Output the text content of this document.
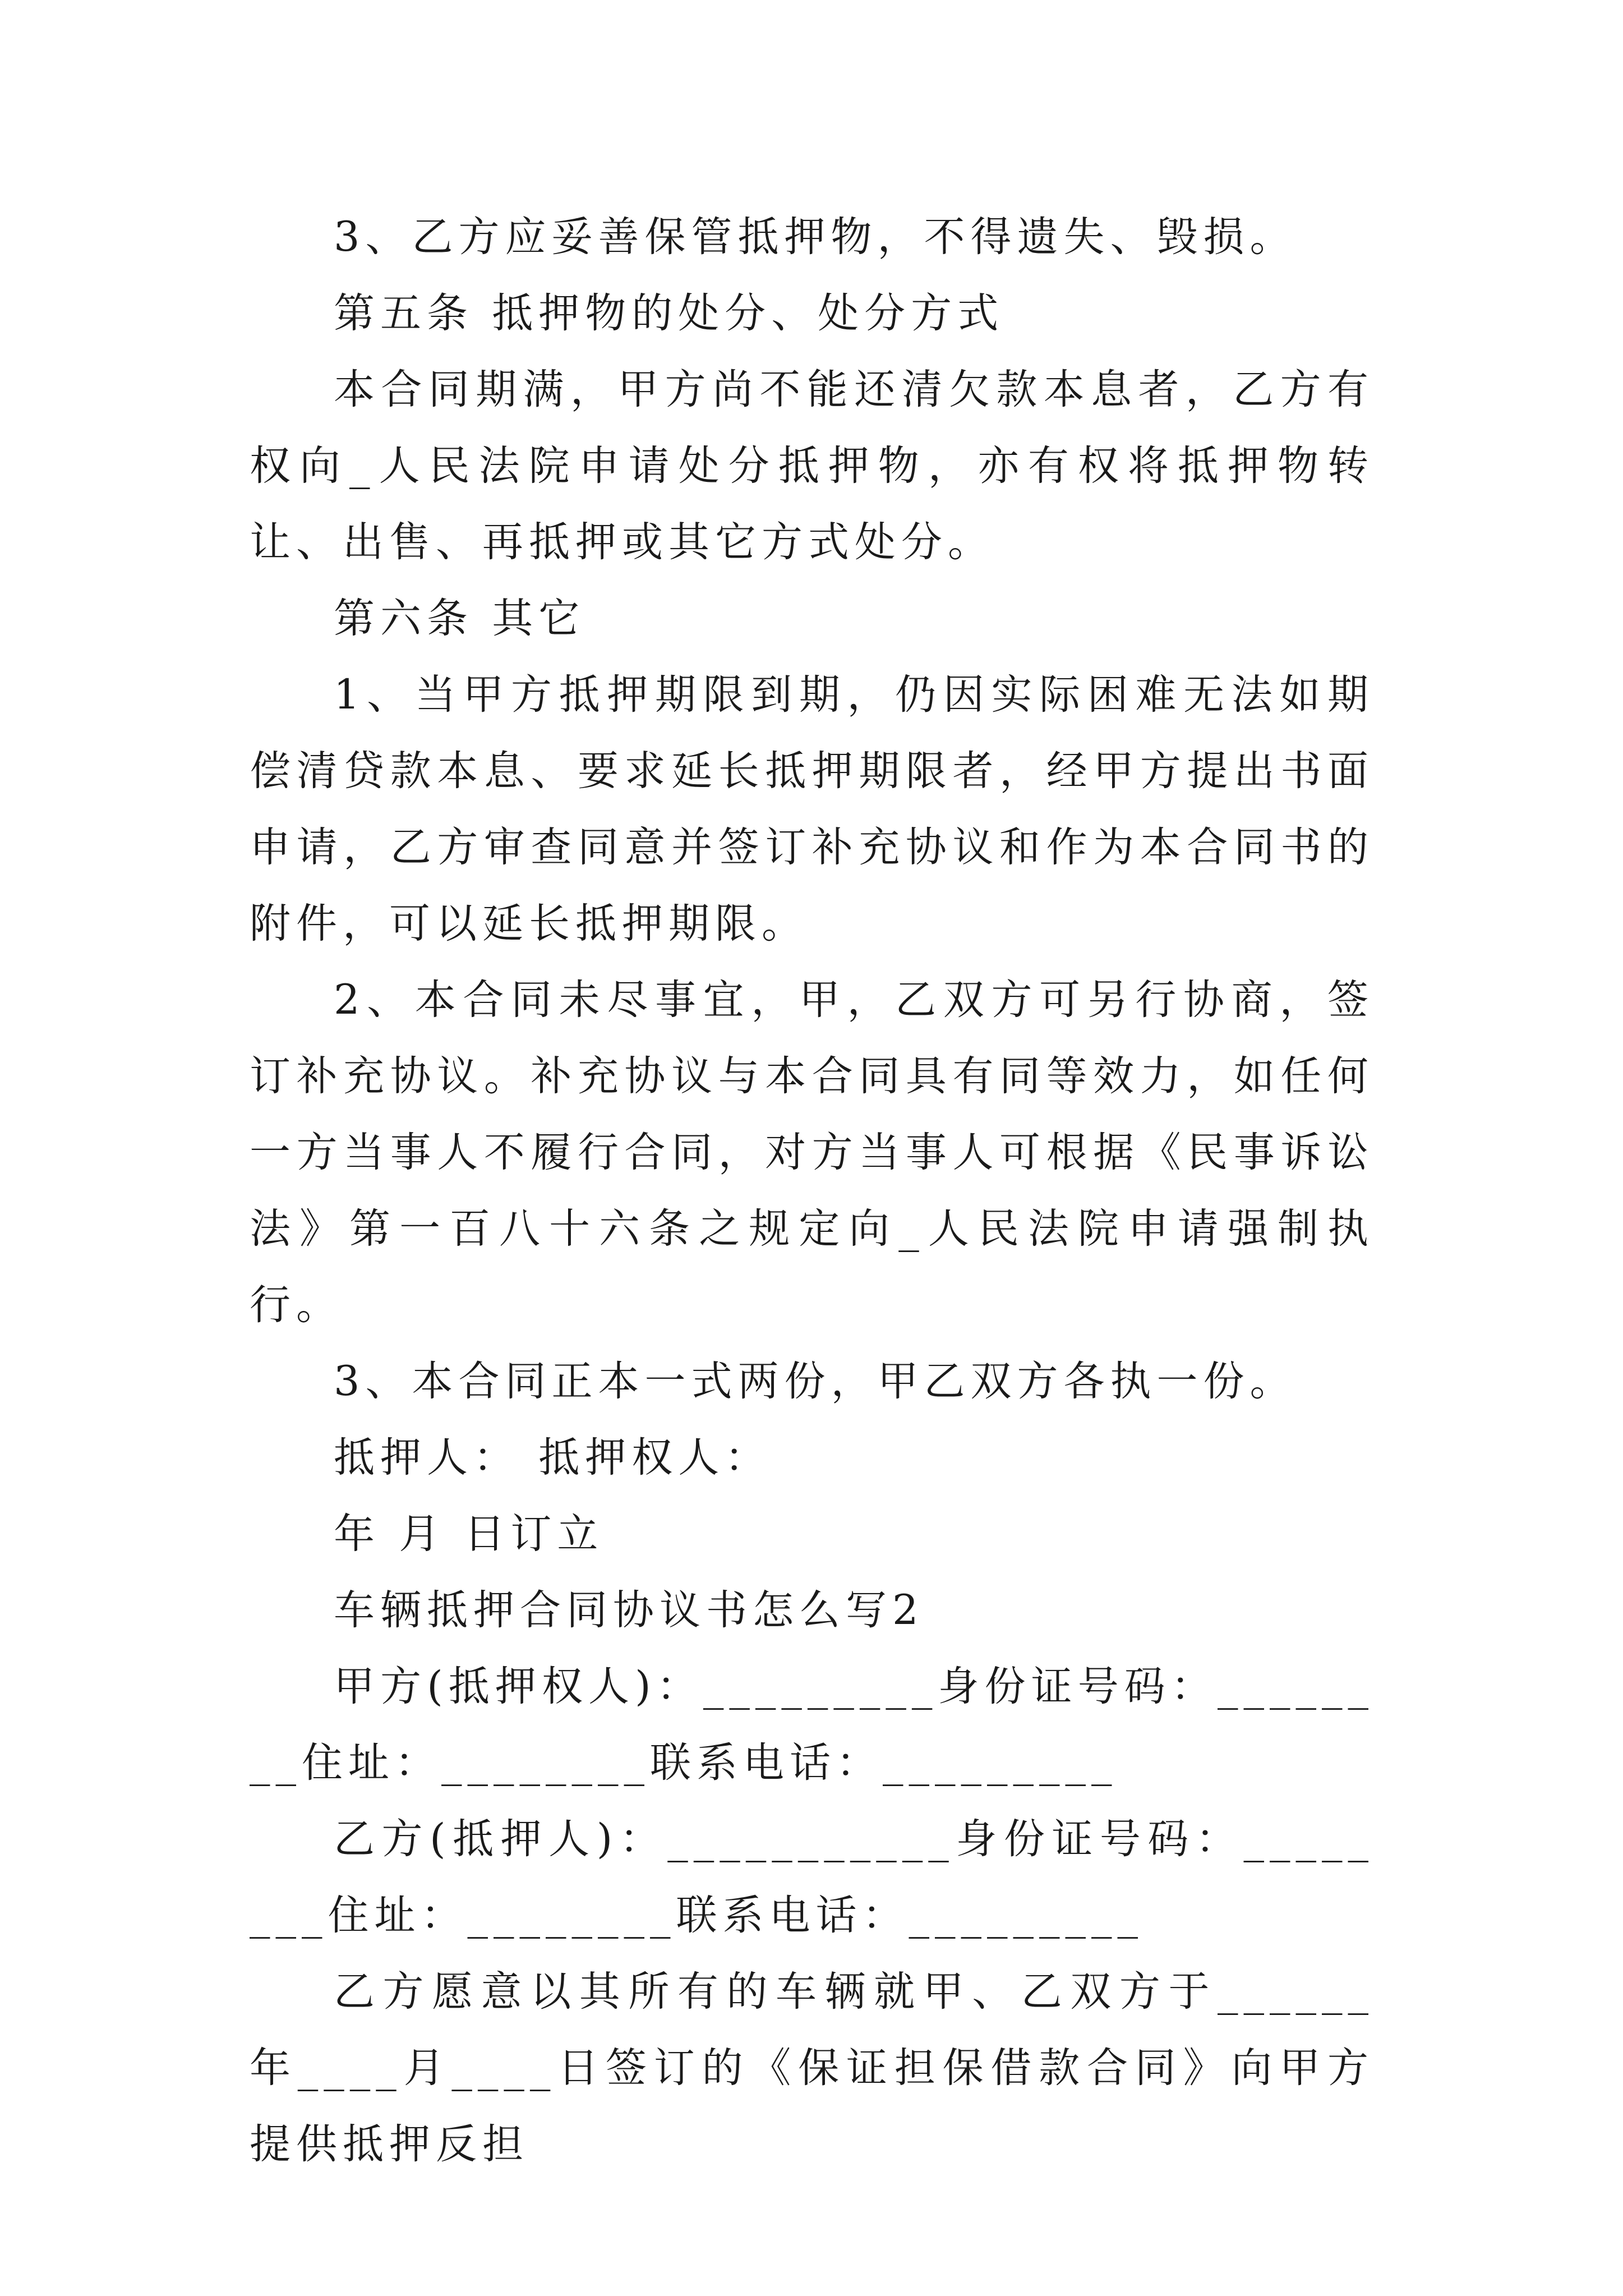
3、乙方应妥善保管抵押物，不得遗失、毁损。

第五条 抵押物的处分、处分方式

本合同期满，甲方尚不能还清欠款本息者，乙方有权向_人民法院申请处分抵押物，亦有权将抵押物转让、出售、再抵押或其它方式处分。

第六条 其它

1、当甲方抵押期限到期，仍因实际困难无法如期偿清贷款本息、要求延长抵押期限者，经甲方提出书面申请，乙方审查同意并签订补充协议和作为本合同书的附件，可以延长抵押期限。

2、本合同未尽事宜，甲，乙双方可另行协商，签订补充协议。补充协议与本合同具有同等效力，如任何一方当事人不履行合同，对方当事人可根据《民事诉讼法》第一百八十六条之规定向_人民法院申请强制执行。

3、本合同正本一式两份，甲乙双方各执一份。

抵押人： 抵押权人：

年 月 日订立

车辆抵押合同协议书怎么写2

甲方(抵押权人)：_________身份证号码：________住址：________联系电话：_________

乙方(抵押人)：___________身份证号码：________住址：________联系电话：_________

乙方愿意以其所有的车辆就甲、乙双方于______年____月____日签订的《保证担保借款合同》向甲方提供抵押反担
